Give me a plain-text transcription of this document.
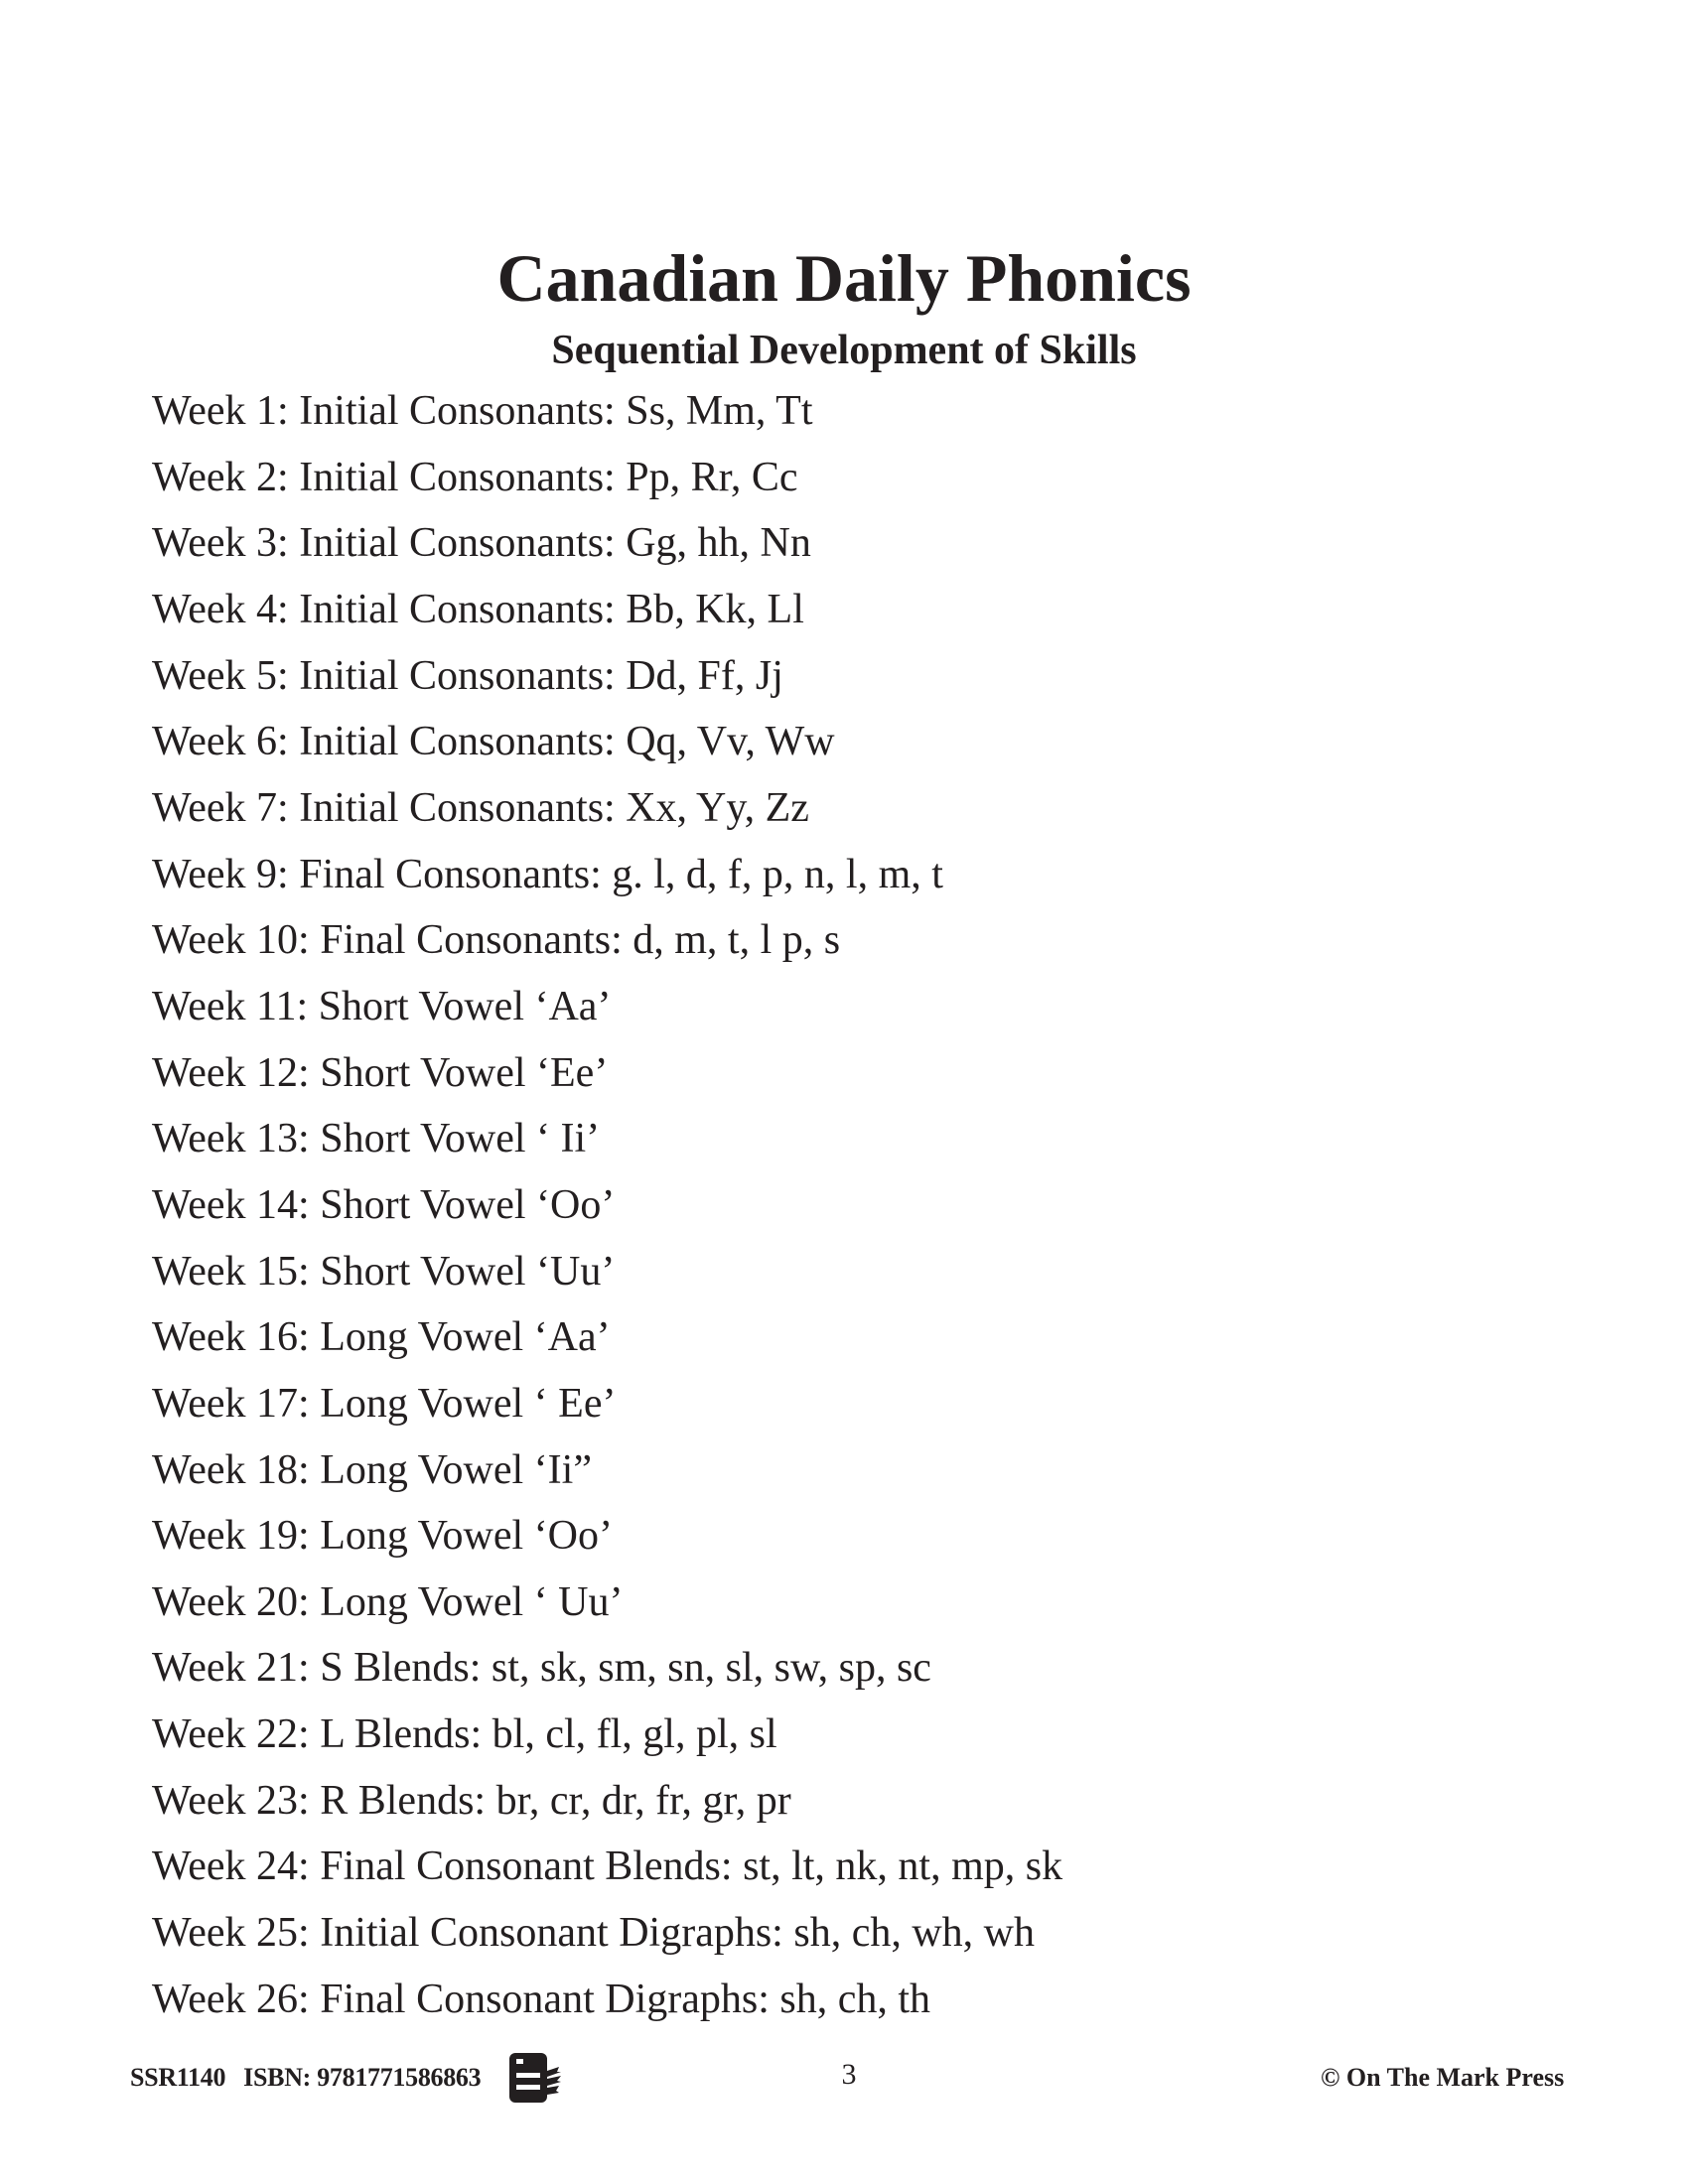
Canadian Daily Phonics
Sequential Development of Skills
Week 1: Initial Consonants: Ss, Mm, Tt
Week 2: Initial Consonants: Pp, Rr, Cc
Week 3: Initial Consonants: Gg, hh, Nn
Week 4: Initial Consonants: Bb, Kk, Ll
Week 5: Initial Consonants: Dd, Ff, Jj
Week 6: Initial Consonants: Qq, Vv, Ww
Week 7: Initial Consonants: Xx, Yy, Zz
Week 9: Final Consonants: g. l, d, f, p, n, l, m, t
Week 10: Final Consonants: d, m, t, l p, s
Week 11: Short Vowel ‘Aa’
Week 12: Short Vowel ‘Ee’
Week 13: Short Vowel ‘ Ii’
Week 14: Short Vowel ‘Oo’
Week 15: Short Vowel ‘Uu’
Week 16: Long Vowel ‘Aa’
Week 17: Long Vowel ‘ Ee’
Week 18: Long Vowel ‘Ii”
Week 19: Long Vowel ‘Oo’
Week 20: Long Vowel ‘ Uu’
Week 21: S Blends: st, sk, sm, sn, sl, sw, sp, sc
Week 22: L Blends: bl, cl, fl, gl, pl, sl
Week 23: R Blends: br, cr, dr, fr, gr, pr
Week 24: Final Consonant Blends: st, lt, nk, nt, mp, sk
Week 25: Initial Consonant Digraphs: sh, ch, wh, wh
Week 26: Final Consonant Digraphs: sh, ch, th
SSR1140 ISBN: 9781771586863	3	© On The Mark Press
